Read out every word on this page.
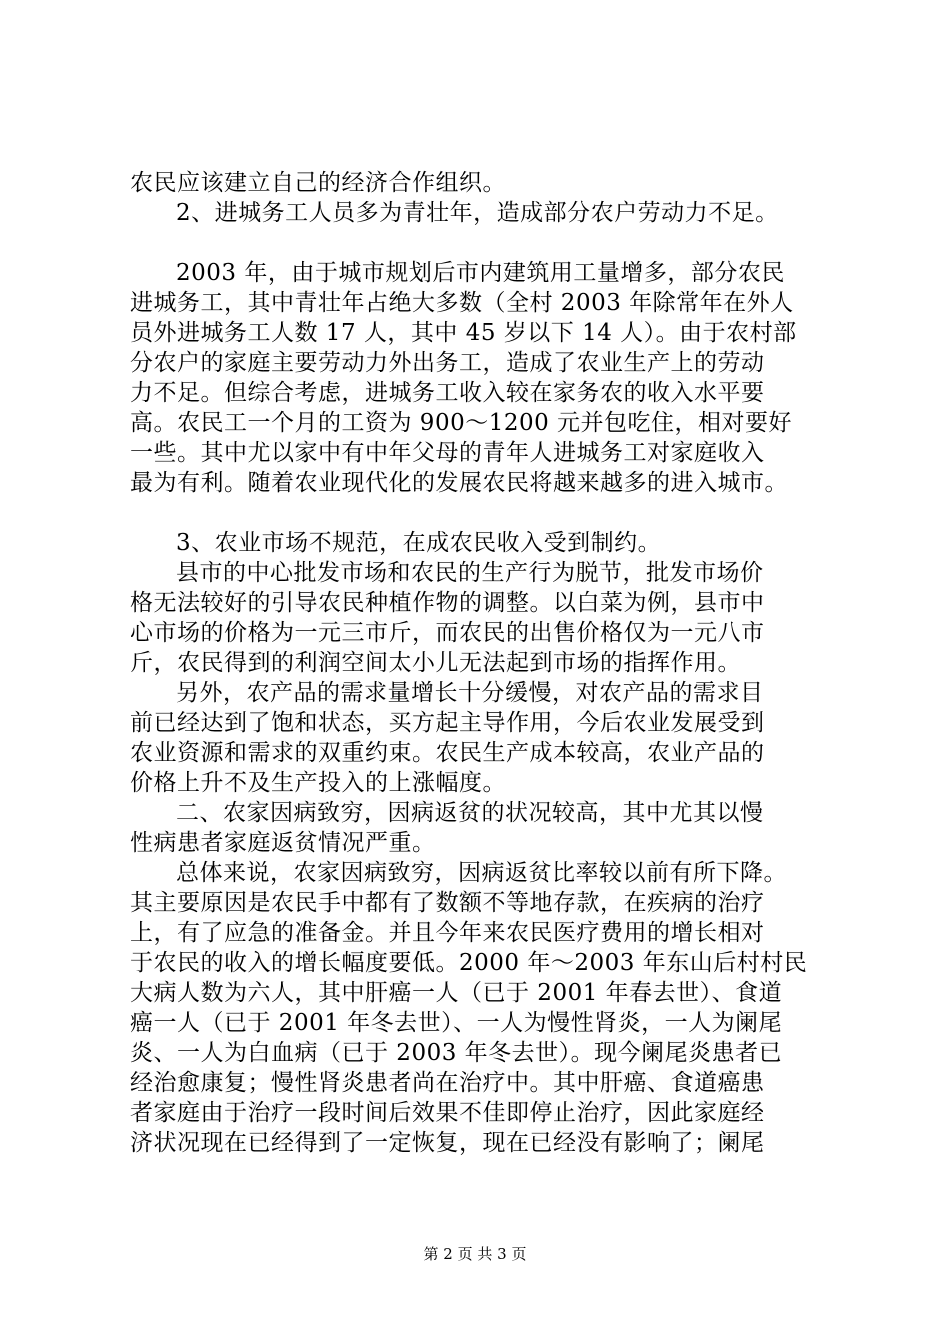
农民应该建立自己的经济合作组织。
2、进城务工人员多为青壮年，造成部分农户劳动力不足。
2003 年，由于城市规划后市内建筑用工量增多，部分农民
进城务工，其中青壮年占绝大多数（全村 2003 年除常年在外人
员外进城务工人数 17 人，其中 45 岁以下 14 人）。由于农村部
分农户的家庭主要劳动力外出务工，造成了农业生产上的劳动
力不足。但综合考虑，进城务工收入较在家务农的收入水平要
高。农民工一个月的工资为 900～1200 元并包吃住，相对要好
一些。其中尤以家中有中年父母的青年人进城务工对家庭收入
最为有利。随着农业现代化的发展农民将越来越多的进入城市。
3、农业市场不规范，在成农民收入受到制约。
县市的中心批发市场和农民的生产行为脱节，批发市场价
格无法较好的引导农民种植作物的调整。以白菜为例，县市中
心市场的价格为一元三市斤，而农民的出售价格仅为一元八市
斤，农民得到的利润空间太小儿无法起到市场的指挥作用。
另外，农产品的需求量增长十分缓慢，对农产品的需求目
前已经达到了饱和状态，买方起主导作用，今后农业发展受到
农业资源和需求的双重约束。农民生产成本较高，农业产品的
价格上升不及生产投入的上涨幅度。
二、农家因病致穷，因病返贫的状况较高，其中尤其以慢
性病患者家庭返贫情况严重。
总体来说，农家因病致穷，因病返贫比率较以前有所下降。
其主要原因是农民手中都有了数额不等地存款，在疾病的治疗
上，有了应急的准备金。并且今年来农民医疗费用的增长相对
于农民的收入的增长幅度要低。2000 年～2003 年东山后村村民
大病人数为六人，其中肝癌一人（已于 2001 年春去世）、食道
癌一人（已于 2001 年冬去世）、一人为慢性肾炎，一人为阑尾
炎、一人为白血病（已于 2003 年冬去世）。现今阑尾炎患者已
经治愈康复；慢性肾炎患者尚在治疗中。其中肝癌、食道癌患
者家庭由于治疗一段时间后效果不佳即停止治疗，因此家庭经
济状况现在已经得到了一定恢复，现在已经没有影响了；阑尾
第 2 页 共 3 页
